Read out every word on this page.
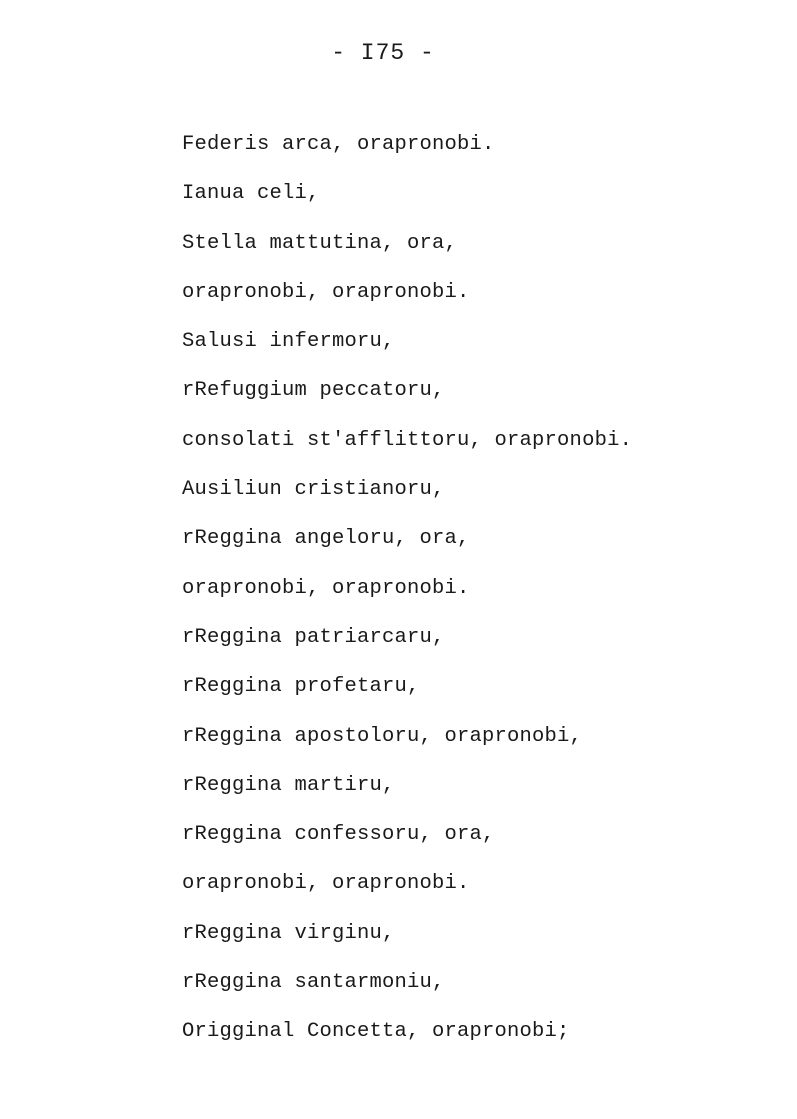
- I75 -
Federis arca, orapronobi.
Ianua celi,
Stella mattutina, ora,
orapronobi, orapronobi.
Salusi infermoru,
rRefuggium peccatoru,
consolati st'afflittoru, orapronobi.
Ausiliun cristianoru,
rReggina angeloru, ora,
orapronobi, orapronobi.
rReggina patriarcaru,
rReggina profetaru,
rReggina apostoloru, orapronobi,
rReggina martiru,
rReggina confessoru, ora,
orapronobi, orapronobi.
rReggina virginu,
rReggina santarmoniu,
Origginal Concetta, orapronobi;
